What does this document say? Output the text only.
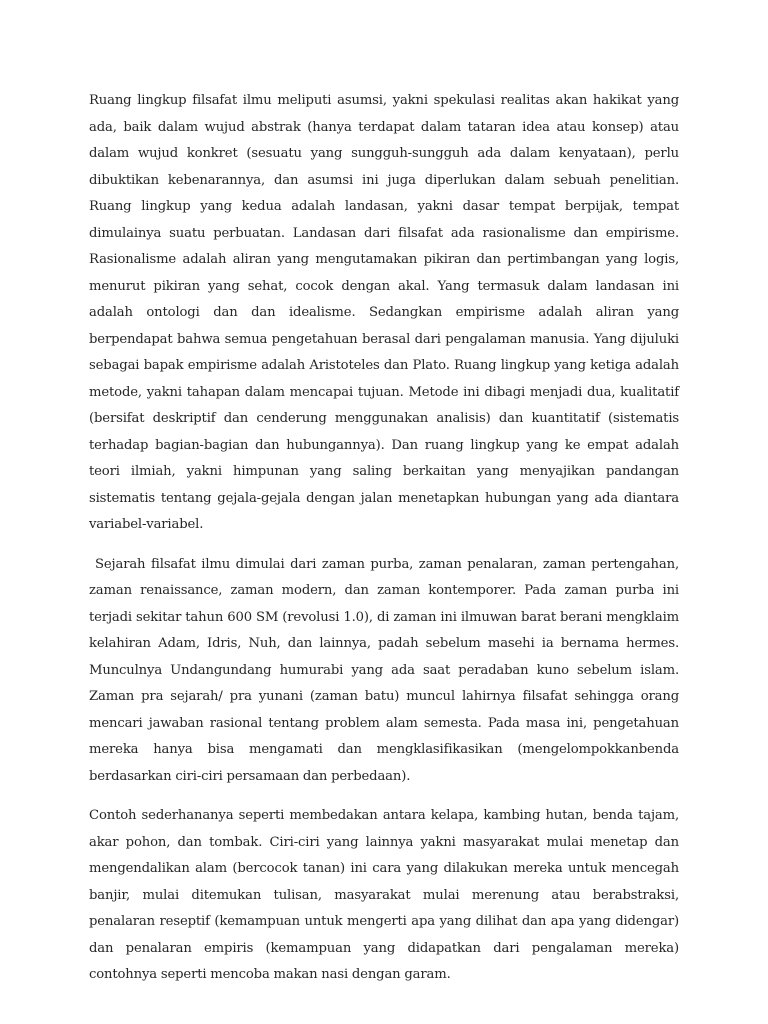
Ruang lingkup filsafat ilmu meliputi asumsi, yakni spekulasi realitas akan hakikat yang ada, baik dalam wujud abstrak (hanya terdapat dalam tataran idea atau konsep) atau dalam wujud konkret (sesuatu yang sungguh-sungguh ada dalam kenyataan), perlu dibuktikan kebenarannya, dan asumsi ini juga diperlukan dalam sebuah penelitian. Ruang lingkup yang kedua adalah landasan, yakni dasar tempat berpijak, tempat dimulainya suatu perbuatan. Landasan dari filsafat ada rasionalisme dan empirisme. Rasionalisme adalah aliran yang mengutamakan pikiran dan pertimbangan yang logis, menurut pikiran yang sehat, cocok dengan akal. Yang termasuk dalam landasan ini adalah ontologi dan dan idealisme. Sedangkan empirisme adalah aliran yang berpendapat bahwa semua pengetahuan berasal dari pengalaman manusia. Yang dijuluki sebagai bapak empirisme adalah Aristoteles dan Plato. Ruang lingkup yang ketiga adalah metode, yakni tahapan dalam mencapai tujuan. Metode ini dibagi menjadi dua, kualitatif (bersifat deskriptif dan cenderung menggunakan analisis) dan kuantitatif (sistematis terhadap bagian-bagian dan hubungannya). Dan ruang lingkup yang ke empat adalah teori ilmiah, yakni himpunan yang saling berkaitan yang menyajikan pandangan sistematis tentang gejala-gejala dengan jalan menetapkan hubungan yang ada diantara variabel-variabel.

Sejarah filsafat ilmu dimulai dari zaman purba, zaman penalaran, zaman pertengahan, zaman renaissance, zaman modern, dan zaman kontemporer. Pada zaman purba ini terjadi sekitar tahun 600 SM (revolusi 1.0), di zaman ini ilmuwan barat berani mengklaim kelahiran Adam, Idris, Nuh, dan lainnya, padah sebelum masehi ia bernama hermes. Munculnya Undangundang humurabi yang ada saat peradaban kuno sebelum islam. Zaman pra sejarah/ pra yunani (zaman batu) muncul lahirnya filsafat sehingga orang mencari jawaban rasional tentang problem alam semesta. Pada masa ini, pengetahuan mereka hanya bisa mengamati dan mengklasifikasikan (mengelompokkanbenda berdasarkan ciri-ciri persamaan dan perbedaan).

Contoh sederhananya seperti membedakan antara kelapa, kambing hutan, benda tajam, akar pohon, dan tombak. Ciri-ciri yang lainnya yakni masyarakat mulai menetap dan mengendalikan alam (bercocok tanan) ini cara yang dilakukan mereka untuk mencegah banjir, mulai ditemukan tulisan, masyarakat mulai merenung atau berabstraksi, penalaran reseptif (kemampuan untuk mengerti apa yang dilihat dan apa yang didengar) dan penalaran empiris (kemampuan yang didapatkan dari pengalaman mereka) contohnya seperti mencoba makan nasi dengan garam.
